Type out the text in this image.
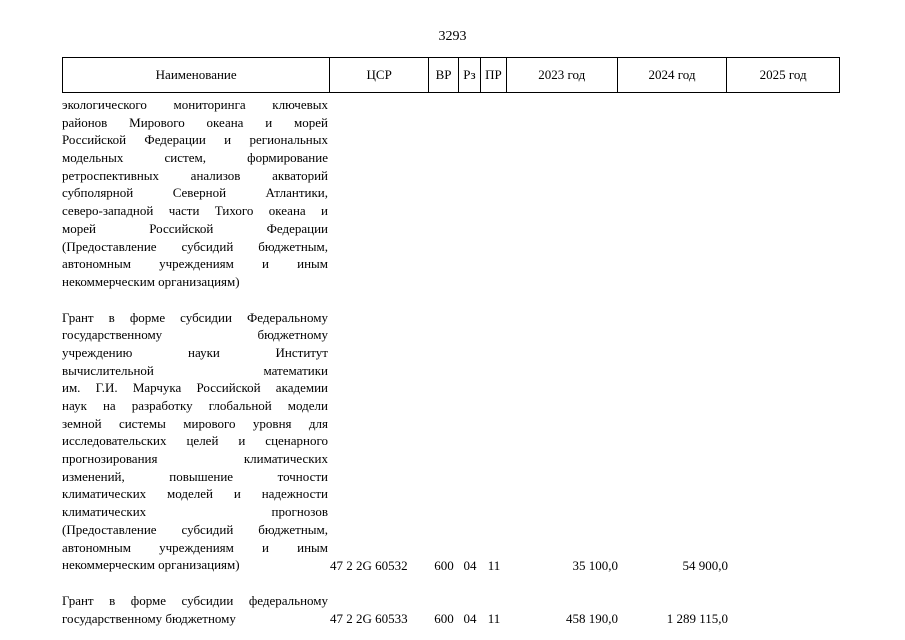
3293
Наименование	ЦСР	ВР Рз ПР	2023 год	2024 год	2025 год
экологического мониторинга ключевых
районов Мирового океана и морей
Российской Федерации и региональных
модельных систем, формирование
ретроспективных анализов акваторий
субполярной Северной Атлантики,
северо-западной части Тихого океана и
морей Российской Федерации
(Предоставление субсидий бюджетным,
автономным учреждениям и иным
некоммерческим организациям)
Грант в форме субсидии Федеральному
государственному бюджетному
учреждению науки Институт
вычислительной математики
им. Г.И. Марчука Российской академии
наук на разработку глобальной модели
земной системы мирового уровня для
исследовательских целей и сценарного
прогнозирования климатических
изменений, повышение точности
климатических моделей и надежности
климатических прогнозов
(Предоставление субсидий бюджетным,
автономным учреждениям и иным
некоммерческим организациям)	47 2 2G 60532	600 04 11	35 100,0	54 900,0
Грант в форме субсидии федеральному
государственному бюджетному	47 2 2G 60533	600 04 11	458 190,0	1 289 115,0
